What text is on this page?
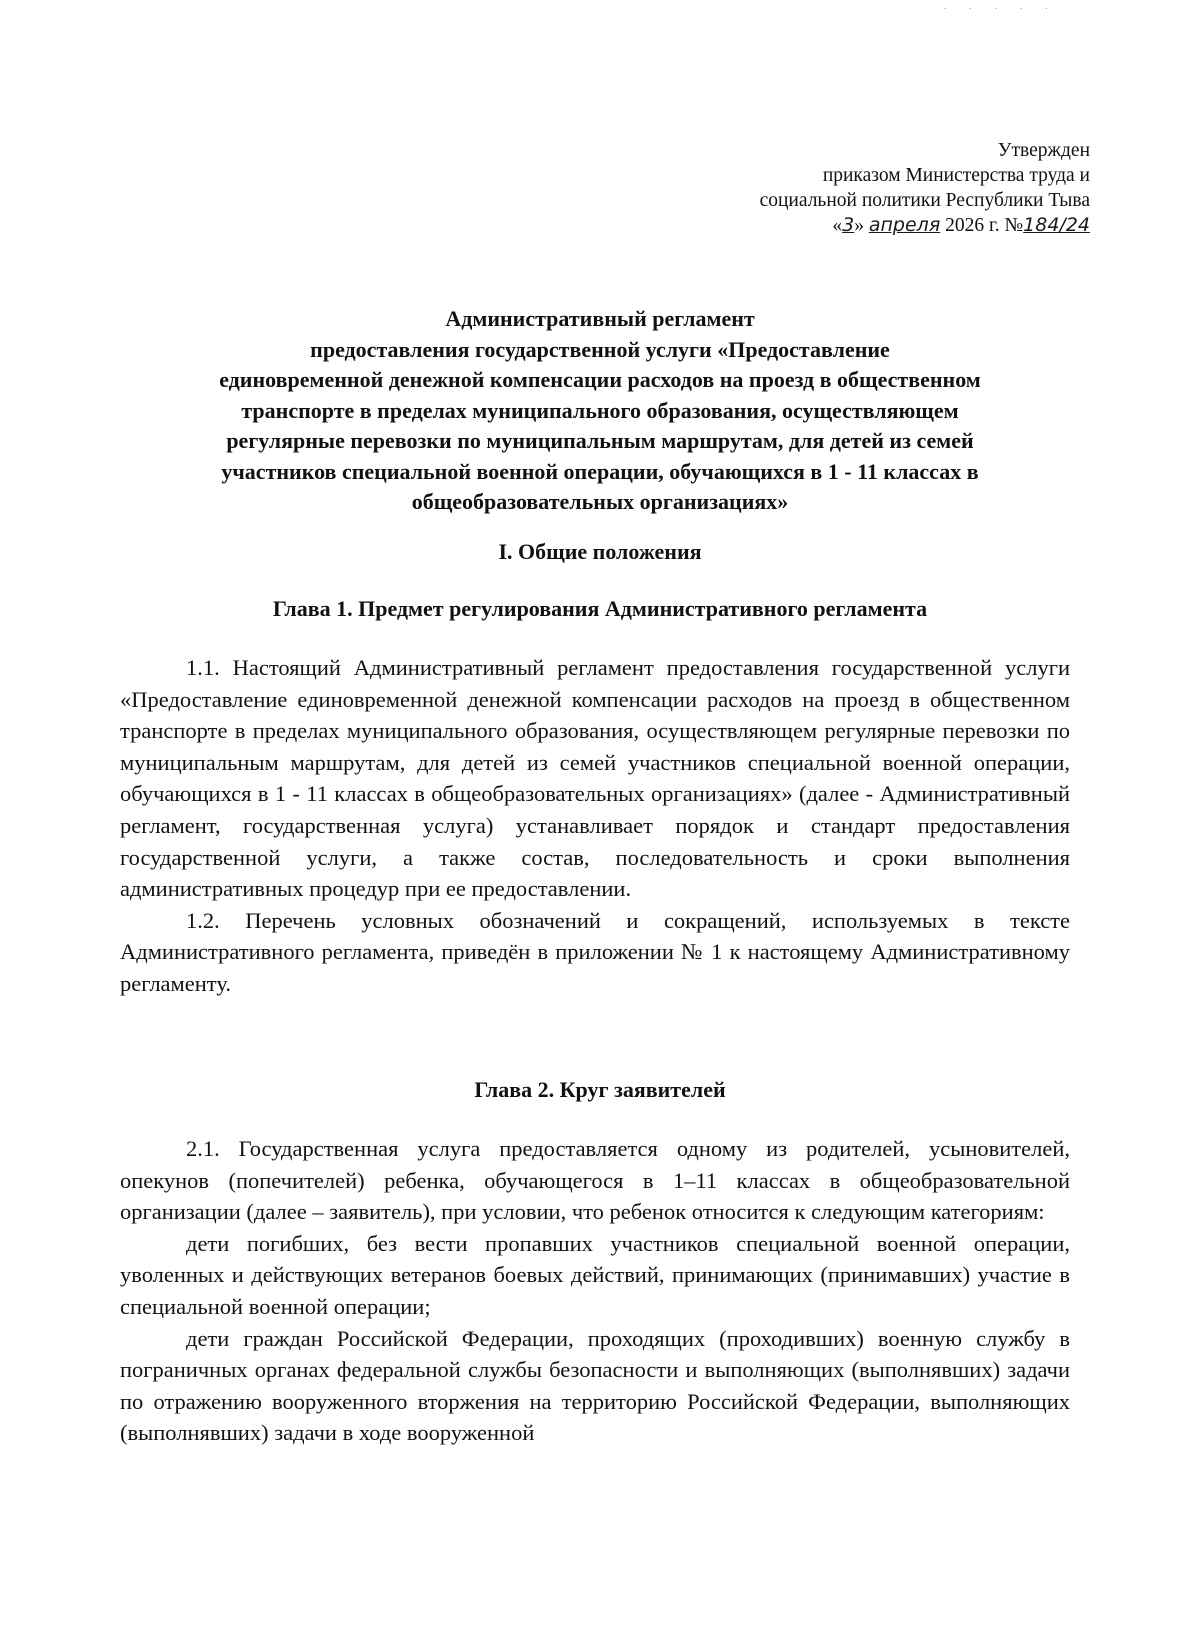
·····
Утвержден
приказом Министерства труда и
социальной политики Республики Тыва
«3» апреля 2026 г. №184/24
Административный регламент
предоставления государственной услуги «Предоставление
единовременной денежной компенсации расходов на проезд в общественном
транспорте в пределах муниципального образования, осуществляющем
регулярные перевозки по муниципальным маршрутам, для детей из семей
участников специальной военной операции, обучающихся в 1 - 11 классах в
общеобразовательных организациях»
I. Общие положения
Глава 1. Предмет регулирования Административного регламента

1.1. Настоящий Административный регламент предоставления государственной услуги «Предоставление единовременной денежной компенсации расходов на проезд в общественном транспорте в пределах муниципального образования, осуществляющем регулярные перевозки по муниципальным маршрутам, для детей из семей участников специальной военной операции, обучающихся в 1 - 11 классах в общеобразовательных организациях» (далее - Административный регламент, государственная услуга) устанавливает порядок и стандарт предоставления государственной услуги, а также состав, последовательность и сроки выполнения административных процедур при ее предоставлении.

1.2. Перечень условных обозначений и сокращений, используемых в тексте Административного регламента, приведён в приложении № 1 к настоящему Административному регламенту.

Глава 2. Круг заявителей

2.1. Государственная услуга предоставляется одному из родителей, усыновителей, опекунов (попечителей) ребенка, обучающегося в 1–11 классах в общеобразовательной организации (далее – заявитель), при условии, что ребенок относится к следующим категориям:

дети погибших, без вести пропавших участников специальной военной операции, уволенных и действующих ветеранов боевых действий, принимающих (принимавших) участие в специальной военной операции;

дети граждан Российской Федерации, проходящих (проходивших) военную службу в пограничных органах федеральной службы безопасности и выполняющих (выполнявших) задачи по отражению вооруженного вторжения на территорию Российской Федерации, выполняющих (выполнявших) задачи в ходе вооруженной
